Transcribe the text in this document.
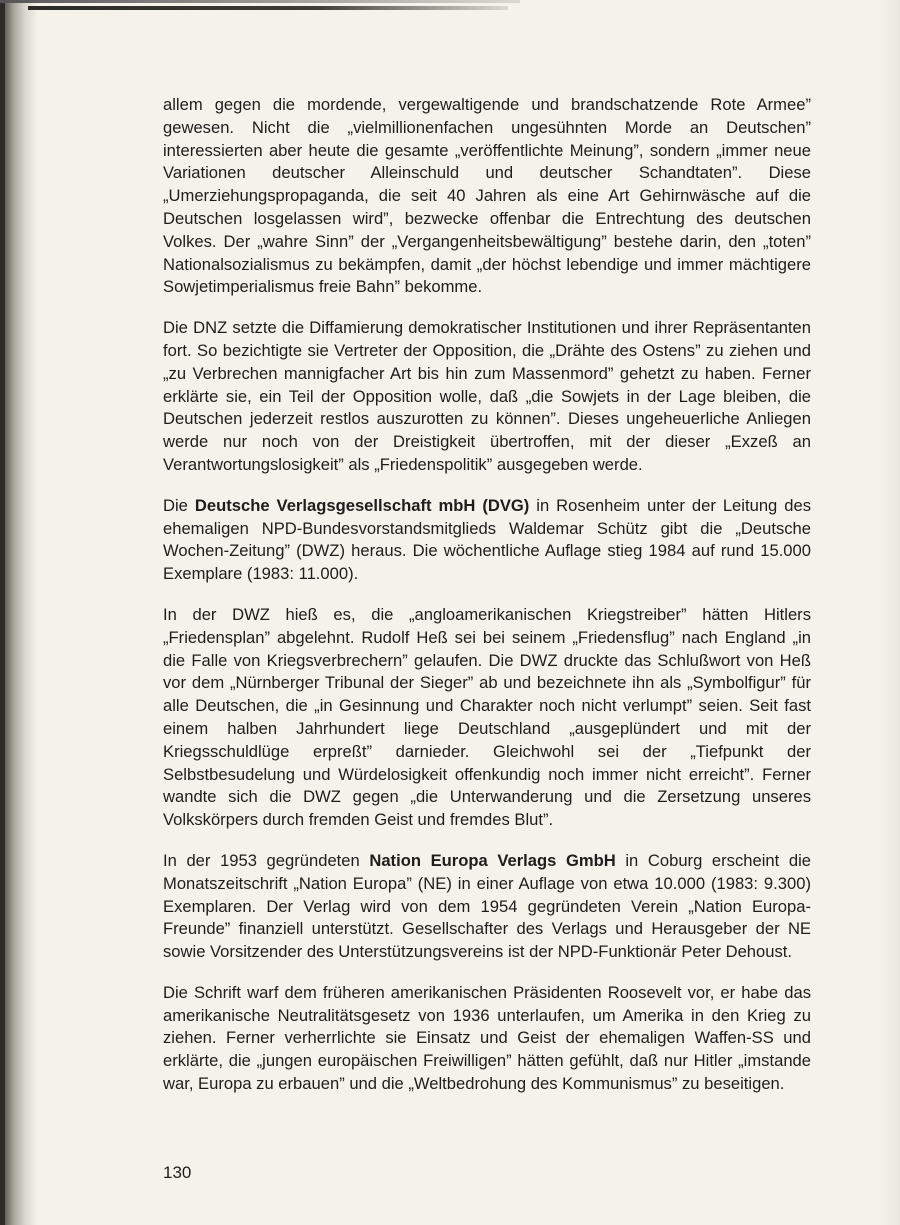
allem gegen die mordende, vergewaltigende und brandschatzende Rote Armee” gewesen. Nicht die „vielmillionenfachen ungesühnten Morde an Deutschen” interessierten aber heute die gesamte „veröffentlichte Meinung”, sondern „immer neue Variationen deutscher Alleinschuld und deutscher Schandtaten”. Diese „Umerziehungspropaganda, die seit 40 Jahren als eine Art Gehirnwäsche auf die Deutschen losgelassen wird”, bezwecke offenbar die Entrechtung des deutschen Volkes. Der „wahre Sinn” der „Vergangenheitsbewältigung” bestehe darin, den „toten” Nationalsozialismus zu bekämpfen, damit „der höchst lebendige und immer mächtigere Sowjetimperialismus freie Bahn” bekomme.

Die DNZ setzte die Diffamierung demokratischer Institutionen und ihrer Repräsentanten fort. So bezichtigte sie Vertreter der Opposition, die „Drähte des Ostens” zu ziehen und „zu Verbrechen mannigfacher Art bis hin zum Massenmord” gehetzt zu haben. Ferner erklärte sie, ein Teil der Opposition wolle, daß „die Sowjets in der Lage bleiben, die Deutschen jederzeit restlos auszurotten zu können”. Dieses ungeheuerliche Anliegen werde nur noch von der Dreistigkeit übertroffen, mit der dieser „Exzeß an Verantwortungslosigkeit” als „Friedenspolitik” ausgegeben werde.

Die Deutsche Verlagsgesellschaft mbH (DVG) in Rosenheim unter der Leitung des ehemaligen NPD-Bundesvorstandsmitglieds Waldemar Schütz gibt die „Deutsche Wochen-Zeitung” (DWZ) heraus. Die wöchentliche Auflage stieg 1984 auf rund 15.000 Exemplare (1983: 11.000).

In der DWZ hieß es, die „angloamerikanischen Kriegstreiber” hätten Hitlers „Friedensplan” abgelehnt. Rudolf Heß sei bei seinem „Friedensflug” nach England „in die Falle von Kriegsverbrechern” gelaufen. Die DWZ druckte das Schlußwort von Heß vor dem „Nürnberger Tribunal der Sieger” ab und bezeichnete ihn als „Symbolfigur” für alle Deutschen, die „in Gesinnung und Charakter noch nicht verlumpt” seien. Seit fast einem halben Jahrhundert liege Deutschland „ausgeplündert und mit der Kriegsschuldlüge erpreßt” darnieder. Gleichwohl sei der „Tiefpunkt der Selbstbesudelung und Würdelosigkeit offenkundig noch immer nicht erreicht”. Ferner wandte sich die DWZ gegen „die Unterwanderung und die Zersetzung unseres Volkskörpers durch fremden Geist und fremdes Blut”.

In der 1953 gegründeten Nation Europa Verlags GmbH in Coburg erscheint die Monatszeitschrift „Nation Europa” (NE) in einer Auflage von etwa 10.000 (1983: 9.300) Exemplaren. Der Verlag wird von dem 1954 gegründeten Verein „Nation Europa-Freunde” finanziell unterstützt. Gesellschafter des Verlags und Herausgeber der NE sowie Vorsitzender des Unterstützungsvereins ist der NPD-Funktionär Peter Dehoust.

Die Schrift warf dem früheren amerikanischen Präsidenten Roosevelt vor, er habe das amerikanische Neutralitätsgesetz von 1936 unterlaufen, um Amerika in den Krieg zu ziehen. Ferner verherrlichte sie Einsatz und Geist der ehemaligen Waffen-SS und erklärte, die „jungen europäischen Freiwilligen” hätten gefühlt, daß nur Hitler „imstande war, Europa zu erbauen” und die „Weltbedrohung des Kommunismus” zu beseitigen.

130
